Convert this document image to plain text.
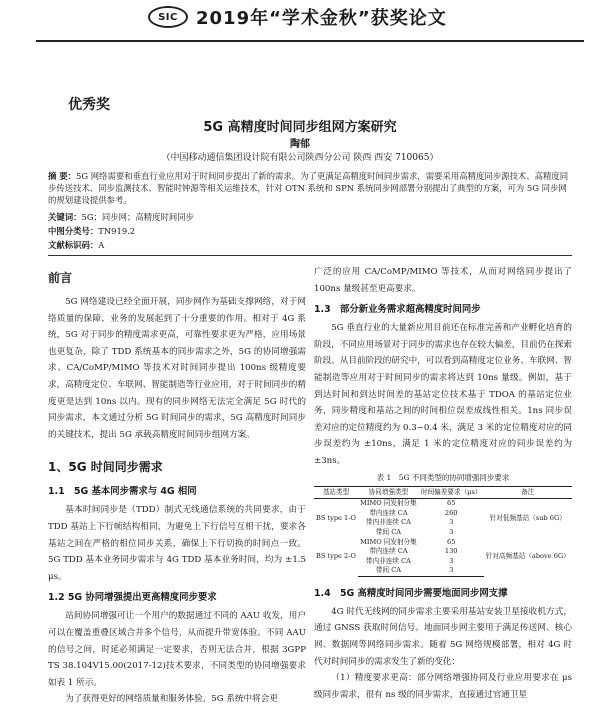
SIC	2019年“学术金秋”获奖论文
优秀奖
5G 高精度时间同步组网方案研究
陶郁
（中国移动通信集团设计院有限公司陕西分公司 陕西 西安 710065）
摘 要：5G 网络需要和垂直行业应用对于时间同步提出了新的需求。为了更满足高精度时间同步需求，需要采用高精度同步源技术、高精度同步传送技术、同步监测技术、智能时钟源等相关运维技术，针对 OTN 系统和 SPN 系统同步网部署分别提出了典型的方案，可为 5G 同步网的规划建设提供参考。
关键词：5G；同步网；高精度时间同步
中图分类号：TN919.2
文献标识码：A
前言

5G 网络建设已经全面开展，同步网作为基础支撑网络，对于网络质量的保障、业务的发展起到了十分重要的作用。相对于 4G 系统，5G 对于同步的精度需求更高，可靠性要求更为严格，应用场景也更复杂，除了 TDD 系统基本的同步需求之外，5G 的协同增强需求、CA/CoMP/MIMO 等技术对时间同步提出 100ns 级精度要求，高精度定位、车联网、智能制造等行业应用，对于时间同步的精度更是达到 10ns 以内。现有的同步网络无法完全满足 5G 时代的同步需求，本文通过分析 5G 时间同步的需求，5G 高精度时间同步的关键技术，提出 5G 承载高精度时间同步组网方案。

1、5G 时间同步需求
1.1　5G 基本同步需求与 4G 相同

基本时间同步是（TDD）制式无线通信系统的共同要求，由于 TDD 基站上下行帧结构相同，为避免上下行信号互相干扰，要求各基站之间在严格的相位同步关系，确保上下行切换的时间点一致。5G TDD 基本业务同步需求与 4G TDD 基本业务时间，均为 ±1.5 μs。

1.2 5G 协同增强提出更高精度同步要求

站间协同增强可让一个用户的数据通过不同的 AAU 收发，用户可以在覆盖重叠区域合并多个信号，从而提升带宽体验。不同 AAU 的信号之间，时延必须满足一定要求，否则无法合并，根据 3GPP TS 38.104V15.00(2017-12)技术要求，不同类型的协同增强要求如表 1 所示。

为了获得更好的网络质量和服务体验，5G 系统中将会更

广泛的应用 CA/CoMP/MIMO 等技术，从而对网络同步提出了 100ns 量级甚至更高要求。

1.3　部分新业务需求超高精度时间同步

5G 垂直行业的大量新应用目前还在标准完善和产业孵化培育的阶段，不同应用场景对于同步的需求也存在较大偏差，目前仍在探索阶段。从目前阶段的研究中，可以看到高精度定位业务、车联网、智能制造等应用对于时间同步的需求将达到 10ns 量级。例如，基于到达时间和到达时间差的基站定位技术基于 TDOA 的基站定位业务，同步精度和基站之间的时间相位误差成线性相关。1ns 同步误差对应的定位精度约为 0.3~0.4 米，满足 3 米的定位精度对应的同步误差约为 ±10ns，满足 1 米的定位精度对应的同步误差约为 ±3ns。

表 1　5G 不同类型的协同增强同步要求
基站类型	协同增强类型	时间偏差要求（μs）	备注
BS type 1-O	MIMO 同发射分集	65	针对低频基站（sub 6G）
	带内连续 CA	260	
	带内非连续 CA	3	
	带间 CA	3	
BS type 2-O	MIMO 同发射分集	65	针对高频基站（above 6G）
	带内连续 CA	130	
	带内非连续 CA	3	
	带间 CA	3	
1.4　5G 高精度时间同步需要地面同步网支撑

4G 时代无线网的同步需求主要采用基站安装卫星接收机方式，通过 GNSS 获取时间信号。地面同步网主要用于满足传送网、核心网、数据网等网络同步需求。随着 5G 网络规模部署，相对 4G 时代对时间同步的需求发生了新的变化：

（1）精度要求更高：部分网络增强协同及行业应用要求在 μs 级同步需求，很有 ns 级的同步需求，直接通过官通卫星
